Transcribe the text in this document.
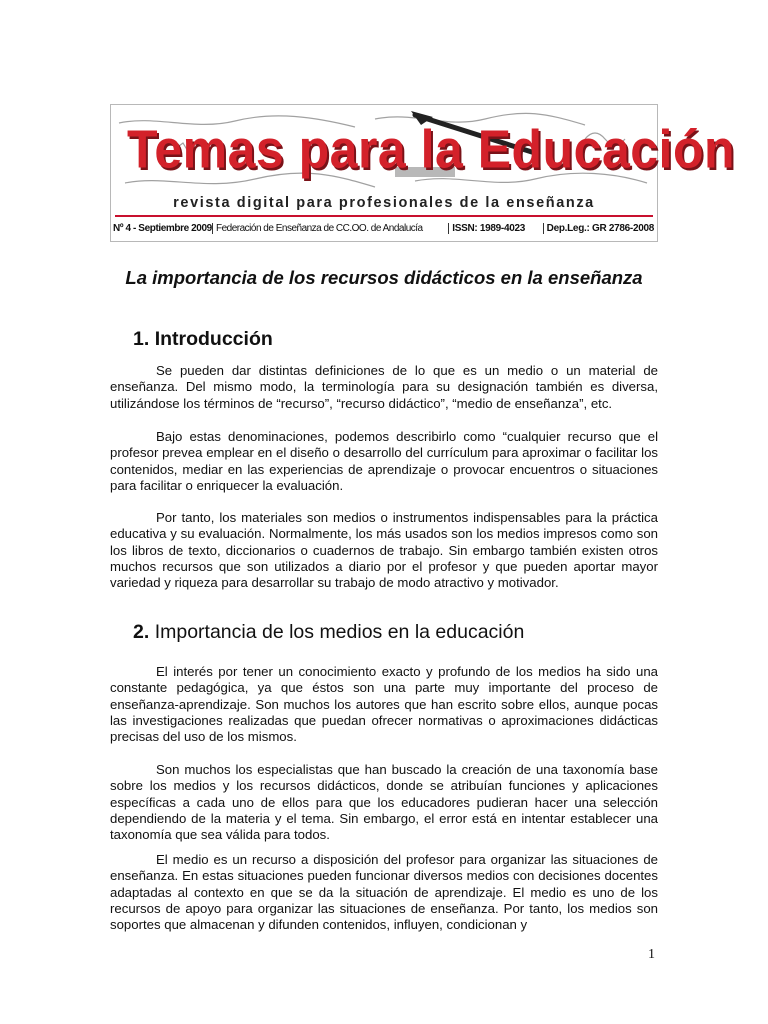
Temas para la Educación
revista digital para profesionales de la enseñanza
Nº 4 - Septiembre 2009 Federación de Enseñanza de CC.OO. de Andalucía	ISSN: 1989-4023	Dep.Leg.: GR 2786-2008
La importancia de los recursos didácticos en la enseñanza
1. Introducción
Se pueden dar distintas definiciones de lo que es un medio o un material de enseñanza. Del mismo modo, la terminología para su designación también es diversa, utilizándose los términos de “recurso”, “recurso didáctico”, “medio de enseñanza”, etc.
Bajo estas denominaciones, podemos describirlo como “cualquier recurso que el profesor prevea emplear en el diseño o desarrollo del currículum para aproximar o facilitar los contenidos, mediar en las experiencias de aprendizaje o provocar encuentros o situaciones para facilitar o enriquecer la evaluación.
Por tanto, los materiales son medios o instrumentos indispensables para la práctica educativa y su evaluación. Normalmente, los más usados son los medios impresos como son los libros de texto, diccionarios o cuadernos de trabajo. Sin embargo también existen otros muchos recursos que son utilizados a diario por el profesor y que pueden aportar mayor variedad y riqueza para desarrollar su trabajo de modo atractivo y motivador.
2. Importancia de los medios en la educación
El interés por tener un conocimiento exacto y profundo de los medios ha sido una constante pedagógica, ya que éstos son una parte muy importante del proceso de enseñanza-aprendizaje. Son muchos los autores que han escrito sobre ellos, aunque pocas las investigaciones realizadas que puedan ofrecer normativas o aproximaciones didácticas precisas del uso de los mismos.
Son muchos los especialistas que han buscado la creación de una taxonomía base sobre los medios y los recursos didácticos, donde se atribuían funciones y aplicaciones específicas a cada uno de ellos para que los educadores pudieran hacer una selección dependiendo de la materia y el tema. Sin embargo, el error está en intentar establecer una taxonomía que sea válida para todos.
El medio es un recurso a disposición del profesor para organizar las situaciones de enseñanza. En estas situaciones pueden funcionar diversos medios con decisiones docentes adaptadas al contexto en que se da la situación de aprendizaje. El medio es uno de los recursos de apoyo para organizar las situaciones de enseñanza. Por tanto, los medios son soportes que almacenan y difunden contenidos, influyen, condicionan y
1
